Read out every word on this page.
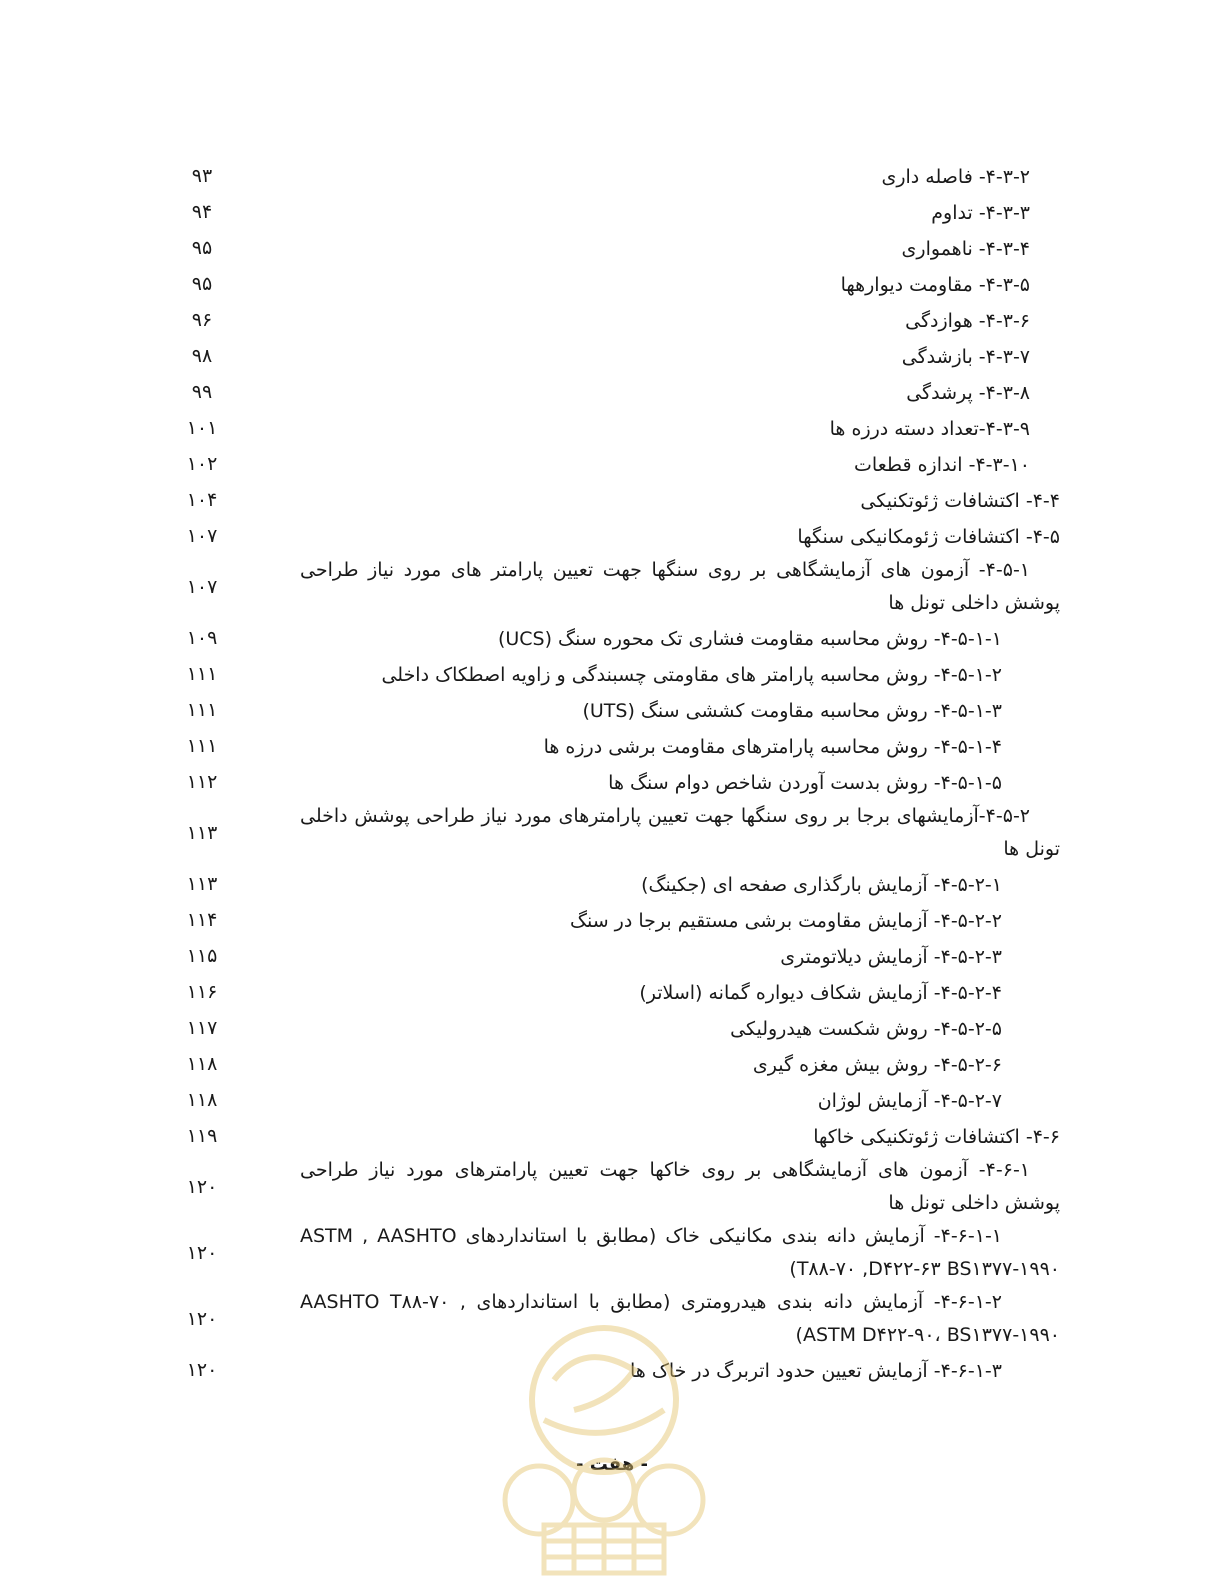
۴-۳-۲- فاصله داری
۹۳
۴-۳-۳- تداوم
۹۴
۴-۳-۴- ناهمواری
۹۵
۴-۳-۵- مقاومت دیوارهها
۹۵
۴-۳-۶- هوازدگی
۹۶
۴-۳-۷- بازشدگی
۹۸
۴-۳-۸- پرشدگی
۹۹
۴-۳-۹-تعداد دسته درزه ها
۱۰۱
۴-۳-۱۰- اندازه قطعات
۱۰۲
۴-۴- اکتشافات ژئوتکنیکی
۱۰۴
۴-۵- اکتشافات ژئومکانیکی سنگها
۱۰۷
۴-۵-۱- آزمون های آزمایشگاهی بر روی سنگها جهت تعیین پارامتر های مورد نیاز طراحی پوشش داخلی تونل ها
۱۰۷
۴-۵-۱-۱- روش محاسبه مقاومت فشاری تک محوره سنگ (UCS)
۱۰۹
۴-۵-۱-۲- روش محاسبه پارامتر های مقاومتی چسبندگی و زاویه اصطکاک داخلی
۱۱۱
۴-۵-۱-۳- روش محاسبه مقاومت کششی سنگ (UTS)
۱۱۱
۴-۵-۱-۴- روش محاسبه پارامترهای مقاومت برشی درزه ها
۱۱۱
۴-۵-۱-۵- روش بدست آوردن شاخص دوام سنگ ها
۱۱۲
۴-۵-۲-آزمایشهای برجا بر روی سنگها جهت تعیین پارامترهای مورد نیاز طراحی پوشش داخلی تونل ها
۱۱۳
۴-۵-۲-۱- آزمایش بارگذاری صفحه ای (جکینگ)
۱۱۳
۴-۵-۲-۲- آزمایش مقاومت برشی مستقیم برجا در سنگ
۱۱۴
۴-۵-۲-۳- آزمایش دیلاتومتری
۱۱۵
۴-۵-۲-۴- آزمایش شکاف دیواره گمانه (اسلاتر)
۱۱۶
۴-۵-۲-۵- روش شکست هیدرولیکی
۱۱۷
۴-۵-۲-۶- روش بیش مغزه گیری
۱۱۸
۴-۵-۲-۷- آزمایش لوژان
۱۱۸
۴-۶- اکتشافات ژئوتکنیکی خاکها
۱۱۹
۴-۶-۱- آزمون های آزمایشگاهی بر روی خاکها جهت تعیین پارامترهای مورد نیاز طراحی پوشش داخلی تونل ها
۱۲۰
۴-۶-۱-۱- آزمایش دانه بندی مکانیکی خاک (مطابق با استانداردهای ASTM , AASHTO T۸۸-۷۰ ,D۴۲۲-۶۳ BS۱۳۷۷-۱۹۹۰)
۱۲۰
۴-۶-۱-۲- آزمایش دانه بندی هیدرومتری (مطابق با استانداردهای , AASHTO T۸۸-۷۰ ASTM D۴۲۲-۹۰، BS۱۳۷۷-۱۹۹۰)
۱۲۰
۴-۶-۱-۳- آزمایش تعیین حدود اتربرگ در خاک ها
۱۲۰
- هفت -
